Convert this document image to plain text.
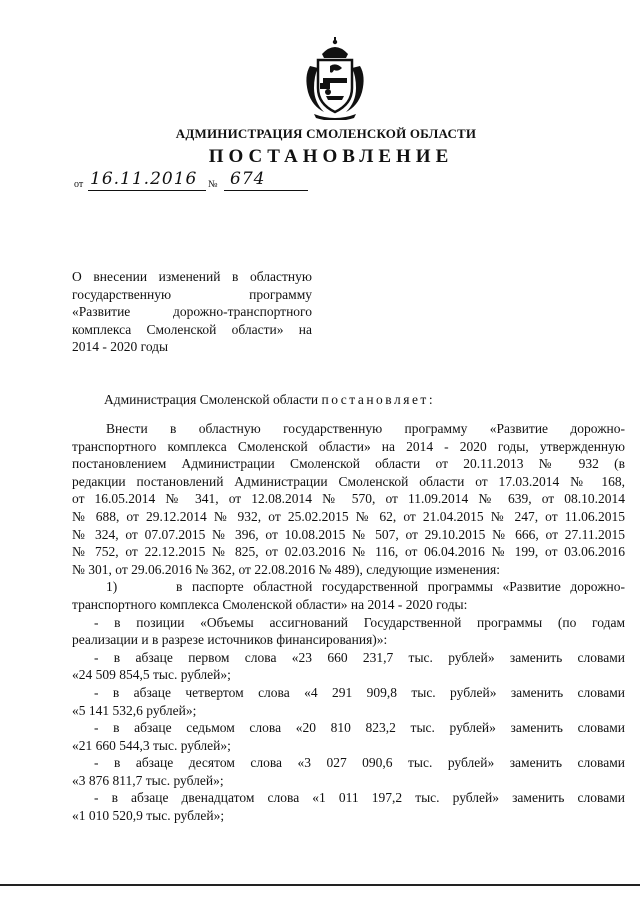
АДМИНИСТРАЦИЯ СМОЛЕНСКОЙ ОБЛАСТИ
ПОСТАНОВЛЕНИЕ
от 16.11.2016 № 674
О внесении изменений в областную
государственную программу
«Развитие дорожно-транспортного
комплекса Смоленской области» на
2014 - 2020 годы
Администрация Смоленской области постановляет:
Внести в областную государственную программу «Развитие дорожно-
транспортного комплекса Смоленской области» на 2014 - 2020 годы, утвержденную
постановлением Администрации Смоленской области от 20.11.2013 № 932 (в
редакции постановлений Администрации Смоленской области от 17.03.2014 № 168,
от 16.05.2014 № 341, от 12.08.2014 № 570, от 11.09.2014 № 639, от 08.10.2014
№ 688, от 29.12.2014 № 932, от 25.02.2015 № 62, от 21.04.2015 № 247, от 11.06.2015
№ 324, от 07.07.2015 № 396, от 10.08.2015 № 507, от 29.10.2015 № 666, от 27.11.2015
№ 752, от 22.12.2015 № 825, от 02.03.2016 № 116, от 06.04.2016 № 199, от 03.06.2016
№ 301, от 29.06.2016 № 362, от 22.08.2016 № 489), следующие изменения:
1)	в паспорте областной государственной программы «Развитие дорожно-
транспортного комплекса Смоленской области» на 2014 - 2020 годы:
- в позиции «Объемы ассигнований Государственной программы (по годам
реализации и в разрезе источников финансирования)»:
- в абзаце первом слова «23 660 231,7 тыс. рублей» заменить словами
«24 509 854,5 тыс. рублей»;
- в абзаце четвертом слова «4 291 909,8 тыс. рублей» заменить словами
«5 141 532,6 рублей»;
- в абзаце седьмом слова «20 810 823,2 тыс. рублей» заменить словами
«21 660 544,3 тыс. рублей»;
- в абзаце десятом слова «3 027 090,6 тыс. рублей» заменить словами
«3 876 811,7 тыс. рублей»;
- в абзаце двенадцатом слова «1 011 197,2 тыс. рублей» заменить словами
«1 010 520,9 тыс. рублей»;
